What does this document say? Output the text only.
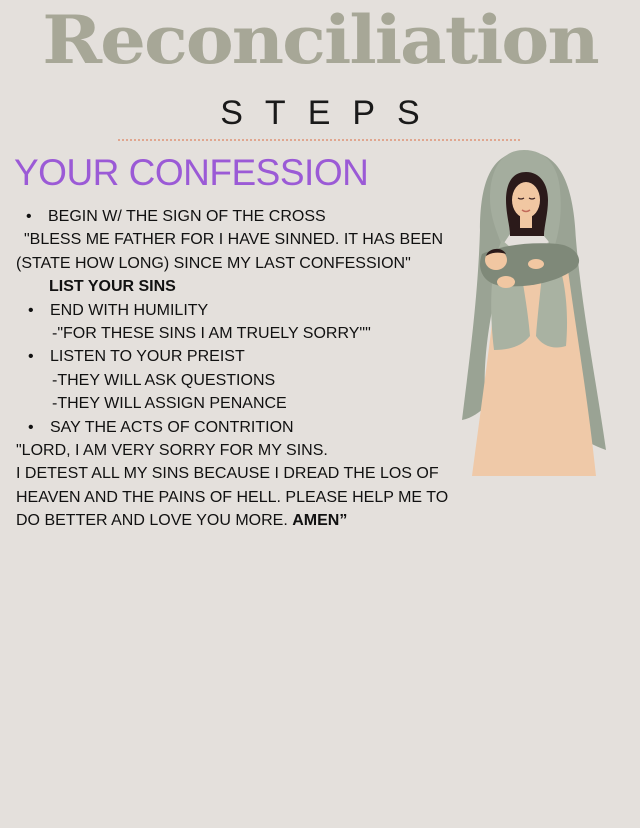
Reconciliation
STEPS
YOUR CONFESSION
• BEGIN W/ THE SIGN OF THE CROSS
"BLESS ME FATHER FOR I HAVE SINNED. IT HAS BEEN
(STATE HOW LONG) SINCE MY LAST CONFESSION"
LIST YOUR SINS
• END WITH HUMILITY
-"FOR THESE SINS I AM TRUELY SORRY""
• LISTEN TO YOUR PREIST
-THEY WILL ASK QUESTIONS
-THEY WILL ASSIGN PENANCE
• SAY THE ACTS OF CONTRITION
"LORD, I AM VERY SORRY FOR MY SINS.
I DETEST ALL MY SINS BECAUSE I DREAD THE LOS OF
HEAVEN AND THE PAINS OF HELL. PLEASE HELP ME TO
DO BETTER AND LOVE YOU MORE. AMEN”
